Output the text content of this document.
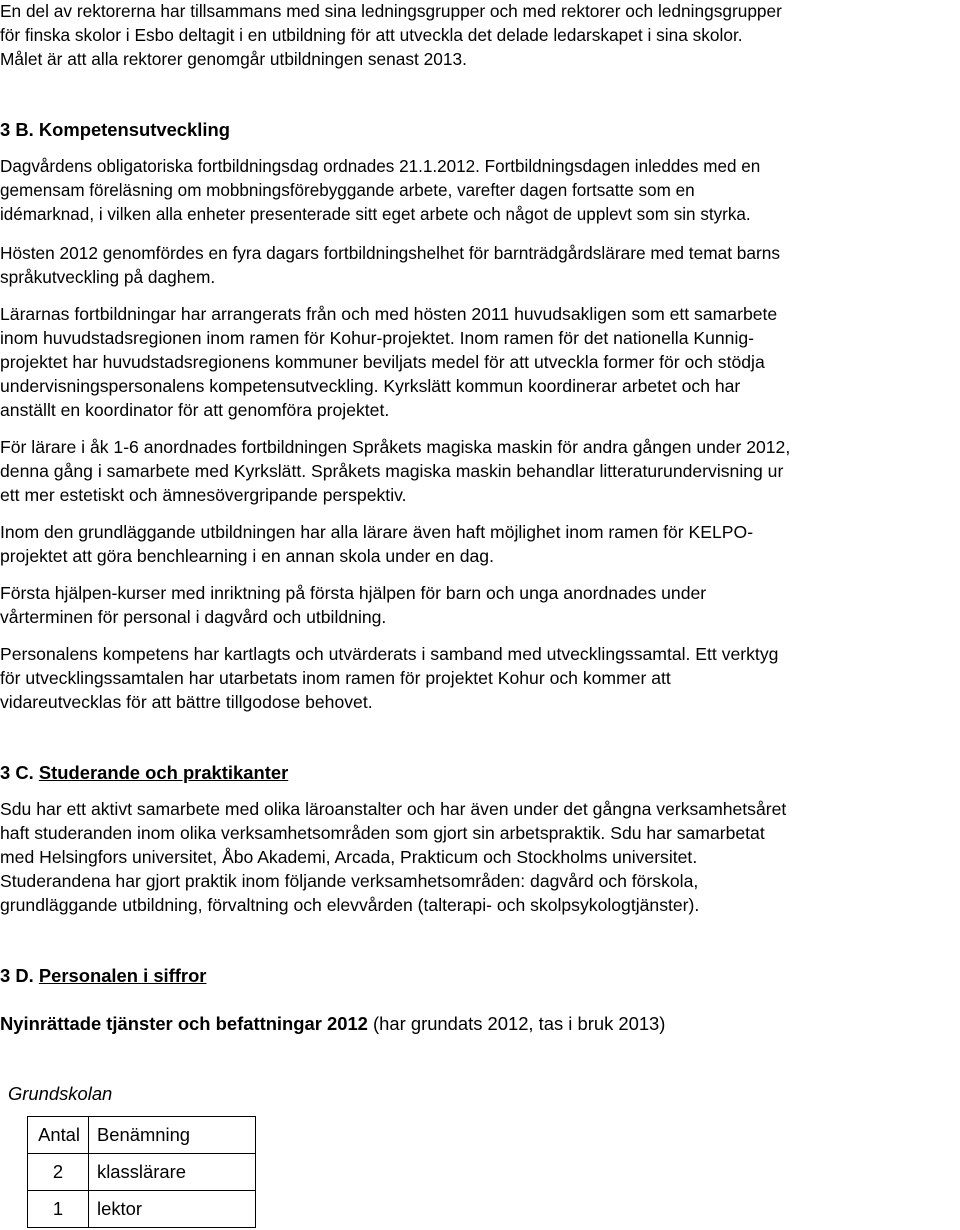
En del av rektorerna har tillsammans med sina ledningsgrupper och med rektorer och ledningsgrupper
för finska skolor i Esbo deltagit i en utbildning för att utveckla det delade ledarskapet i sina skolor.
Målet är att alla rektorer genomgår utbildningen senast 2013.
3 B. Kompetensutveckling
Dagvårdens obligatoriska fortbildningsdag ordnades 21.1.2012. Fortbildningsdagen inleddes med en
gemensam föreläsning om mobbningsförebyggande arbete, varefter dagen fortsatte som en
idémarknad, i vilken alla enheter presenterade sitt eget arbete och något de upplevt som sin styrka.
Hösten 2012 genomfördes en fyra dagars fortbildningshelhet för barnträdgårdslärare med temat barns
språkutveckling på daghem.
Lärarnas fortbildningar har arrangerats från och med hösten 2011 huvudsakligen som ett samarbete
inom huvudstadsregionen inom ramen för Kohur-projektet. Inom ramen för det nationella Kunnig-
projektet har huvudstadsregionens kommuner beviljats medel för att utveckla former för och stödja
undervisningspersonalens kompetensutveckling. Kyrkslätt kommun koordinerar arbetet och har
anställt en koordinator för att genomföra projektet.
För lärare i åk 1-6 anordnades fortbildningen Språkets magiska maskin för andra gången under 2012,
denna gång i samarbete med Kyrkslätt. Språkets magiska maskin behandlar litteraturundervisning ur
ett mer estetiskt och ämnesövergripande perspektiv.
Inom den grundläggande utbildningen har alla lärare även haft möjlighet inom ramen för KELPO-
projektet att göra benchlearning i en annan skola under en dag.
Första hjälpen-kurser med inriktning på första hjälpen för barn och unga anordnades under
vårterminen för personal i dagvård och utbildning.
Personalens kompetens har kartlagts och utvärderats i samband med utvecklingssamtal. Ett verktyg
för utvecklingssamtalen har utarbetats inom ramen för projektet Kohur och kommer att
vidareutvecklas för att bättre tillgodose behovet.
3 C. Studerande och praktikanter
Sdu har ett aktivt samarbete med olika läroanstalter och har även under det gångna verksamhetsåret
haft studeranden inom olika verksamhetsområden som gjort sin arbetspraktik. Sdu har samarbetat
med Helsingfors universitet, Åbo Akademi, Arcada, Prakticum och Stockholms universitet.
Studerandena har gjort praktik inom följande verksamhetsområden: dagvård och förskola,
grundläggande utbildning, förvaltning och elevvården (talterapi- och skolpsykologtjänster).
3 D. Personalen i siffror
Nyinrättade tjänster och befattningar 2012 (har grundats 2012, tas i bruk 2013)
Grundskolan
Antal	Benämning
2	klasslärare
1	lektor
